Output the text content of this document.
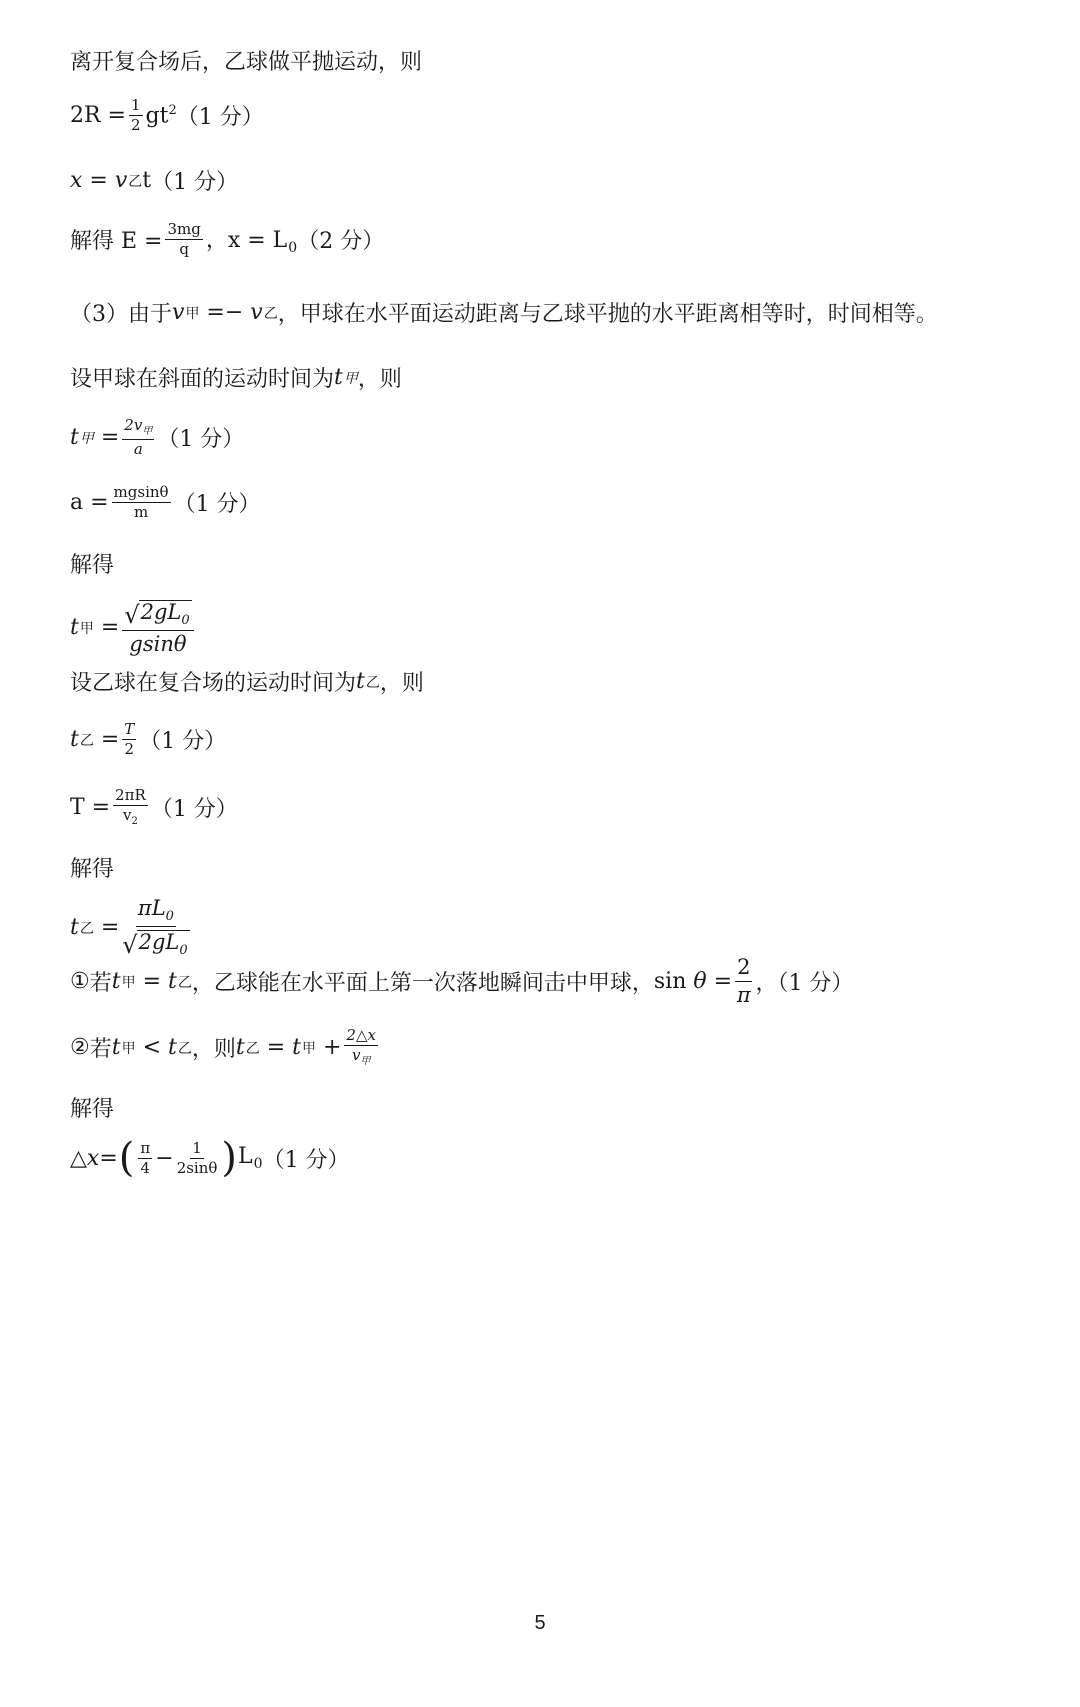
离开复合场后，乙球做平抛运动，则
$2R = \frac{1}{2} gt^2$ （1 分）
x = v 乙 t （1 分）
解得 $E = \frac{3mg}{q}$ ，$x = L_0$ （2 分）
（3）由于 v 甲 =− v 乙 ，甲球在水平面运动距离与乙球平抛的水平距离相等时，时间相等。
设甲球在斜面的运动时间为 t 甲 ，则
t 甲 = $\frac{2v_甲}{a} (1$ 分）
$a = \frac{mgsin\theta}{m} (1$ 分）
解得
t 甲 = $\frac{√ 2gL_0}{gsin\theta}$
设乙球在复合场的运动时间为 t 乙 ，则
t 乙 = $\frac{T}{2} (1$ 分）
$T = \frac{2\pi R}{v_2} (1$ 分）
解得
t 乙 = $\frac{\pi L_0}{√ 2gL_0}$
① 若 t 甲 = t 乙 ，乙球能在水平面上第一次落地瞬间击中甲球， $\sin \theta = \frac{2}{\pi}$ ，（1 分）
② 若 t 甲 < t 乙 ，则 t 乙 = t 甲 + $\frac{2\triangle x}{v_甲}$
解得
△x= ( $\frac{\pi}{4} - \frac{1}{2\sin\theta}$ ) $L_0$ （1 分）
5
